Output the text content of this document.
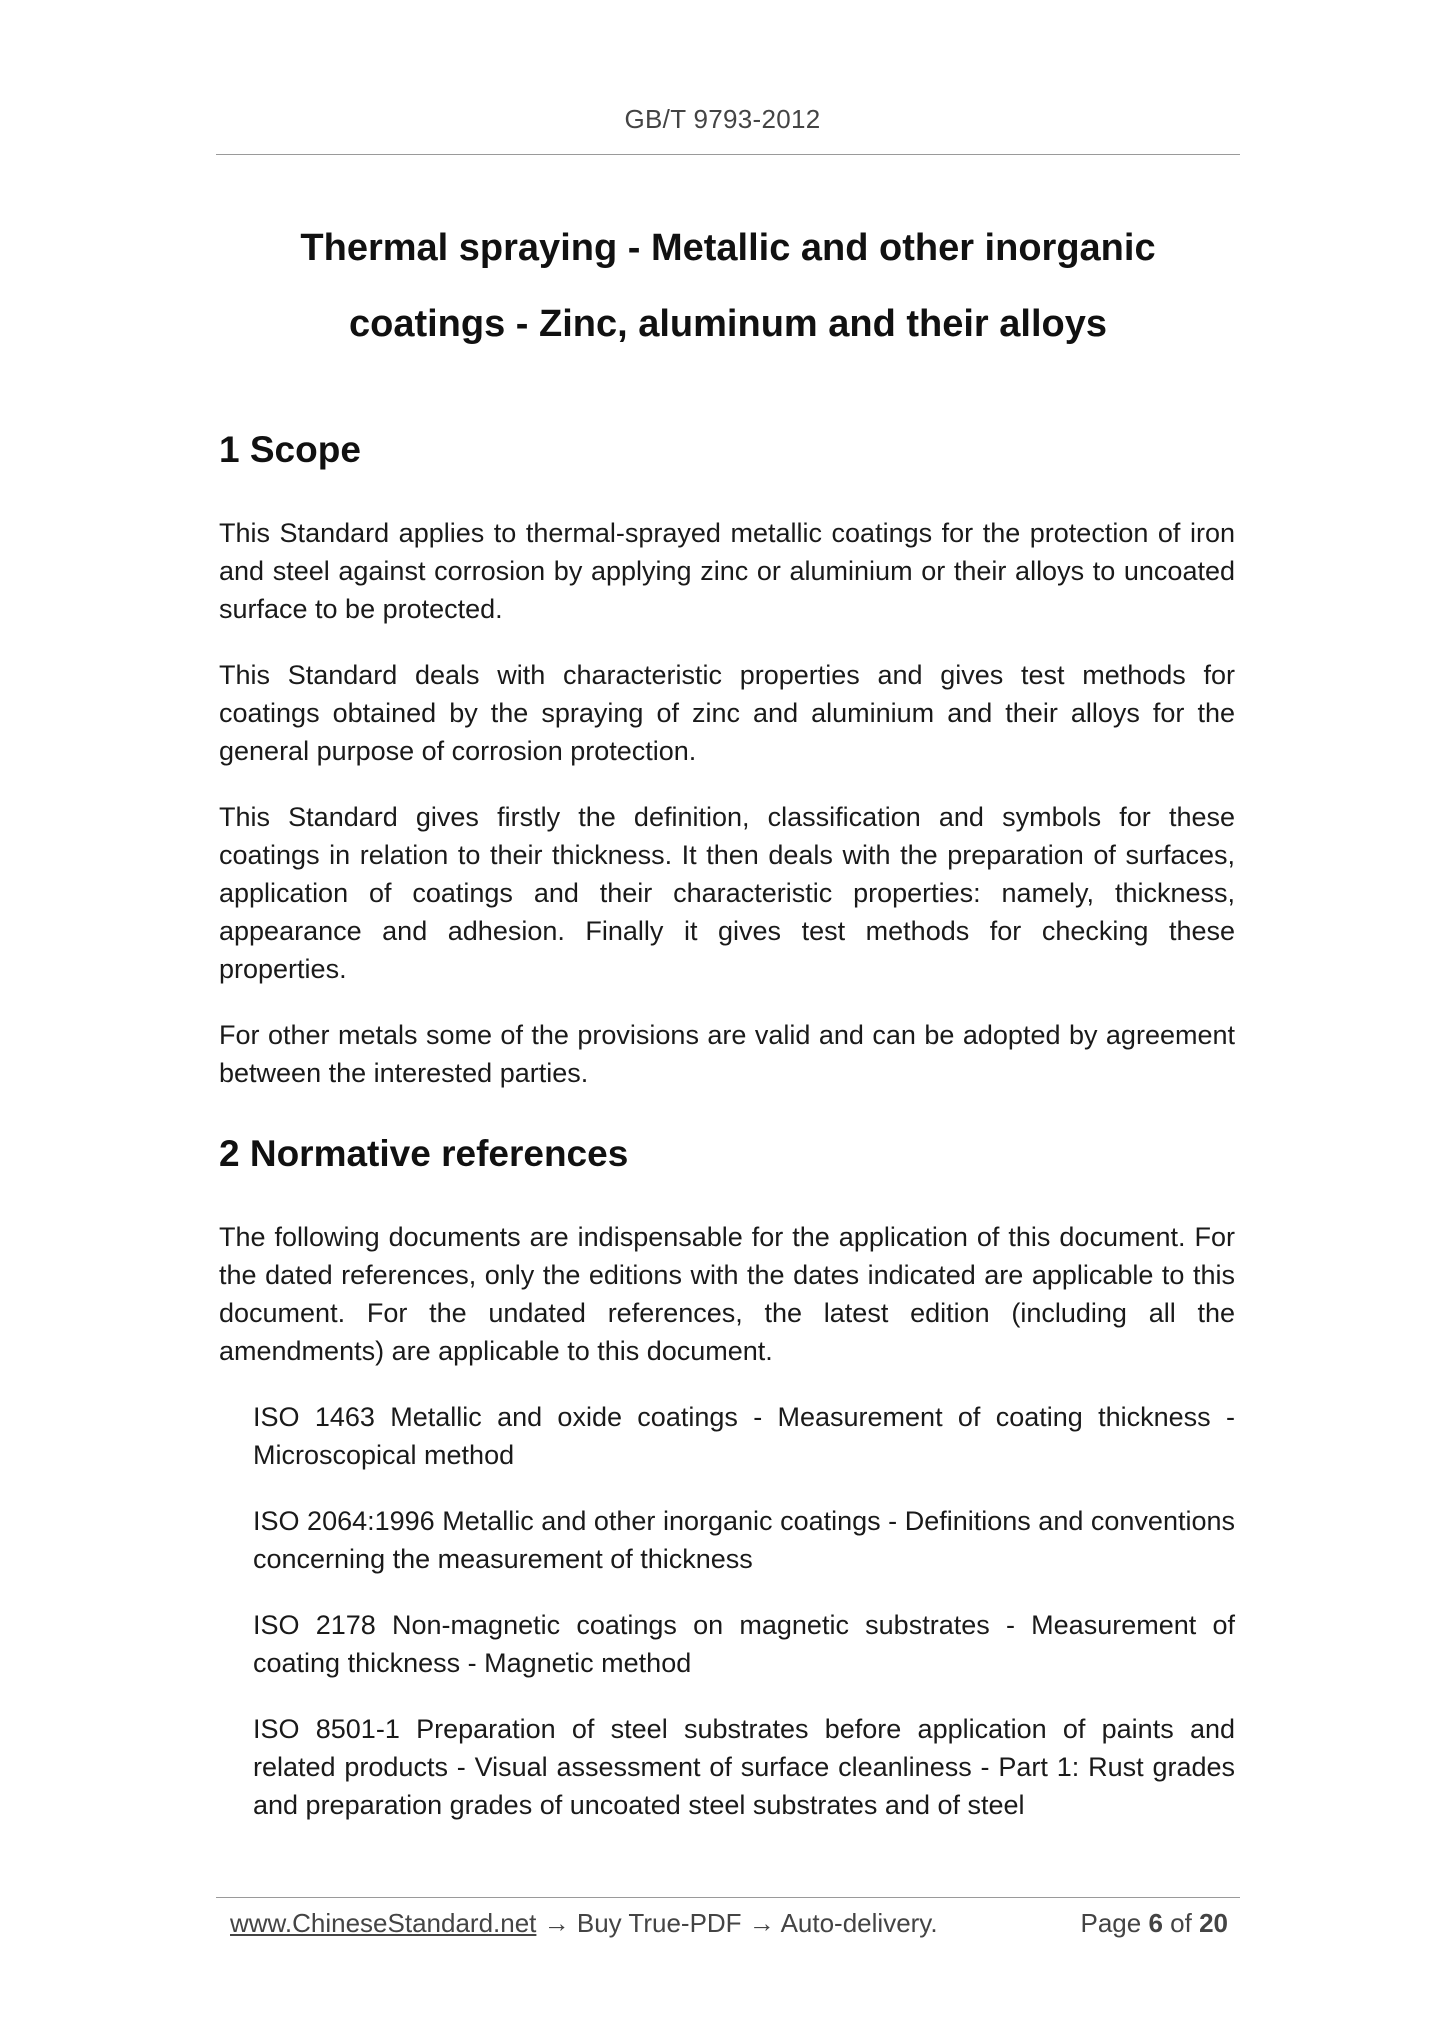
GB/T 9793-2012
Thermal spraying - Metallic and other inorganic
coatings - Zinc, aluminum and their alloys
1 Scope

This Standard applies to thermal-sprayed metallic coatings for the protection of iron and steel against corrosion by applying zinc or aluminium or their alloys to uncoated surface to be protected.

This Standard deals with characteristic properties and gives test methods for coatings obtained by the spraying of zinc and aluminium and their alloys for the general purpose of corrosion protection.

This Standard gives firstly the definition, classification and symbols for these coatings in relation to their thickness. It then deals with the preparation of surfaces, application of coatings and their characteristic properties: namely, thickness, appearance and adhesion. Finally it gives test methods for checking these properties.

For other metals some of the provisions are valid and can be adopted by agreement between the interested parties.

2 Normative references

The following documents are indispensable for the application of this document. For the dated references, only the editions with the dates indicated are applicable to this document. For the undated references, the latest edition (including all the amendments) are applicable to this document.

ISO 1463 Metallic and oxide coatings - Measurement of coating thickness - Microscopical method

ISO 2064:1996 Metallic and other inorganic coatings - Definitions and conventions concerning the measurement of thickness

ISO 2178 Non-magnetic coatings on magnetic substrates - Measurement of coating thickness - Magnetic method

ISO 8501-1 Preparation of steel substrates before application of paints and related products - Visual assessment of surface cleanliness - Part 1: Rust grades and preparation grades of uncoated steel substrates and of steel

www.ChineseStandard.net → Buy True-PDF → Auto-delivery.	Page 6 of 20
